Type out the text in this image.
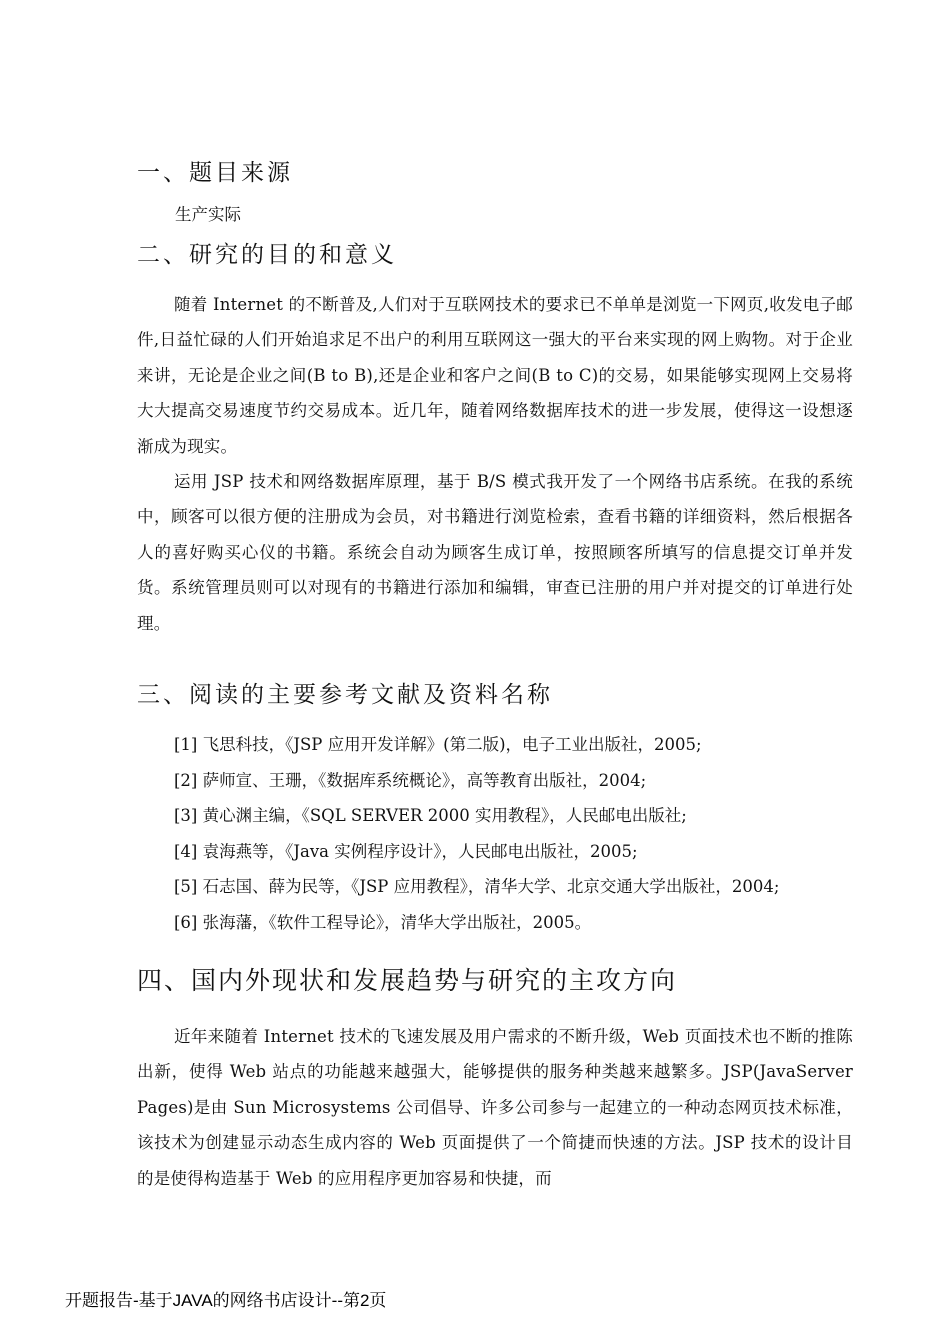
一、题目来源

生产实际

二、研究的目的和意义

随着 Internet 的不断普及,人们对于互联网技术的要求已不单单是浏览一下网页,收发电子邮件,日益忙碌的人们开始追求足不出户的利用互联网这一强大的平台来实现的网上购物。对于企业来讲，无论是企业之间(B to B),还是企业和客户之间(B to C)的交易，如果能够实现网上交易将大大提高交易速度节约交易成本。近几年，随着网络数据库技术的进一步发展，使得这一设想逐渐成为现实。

运用 JSP 技术和网络数据库原理，基于 B/S 模式我开发了一个网络书店系统。在我的系统中，顾客可以很方便的注册成为会员，对书籍进行浏览检索，查看书籍的详细资料，然后根据各人的喜好购买心仪的书籍。系统会自动为顾客生成订单，按照顾客所填写的信息提交订单并发货。系统管理员则可以对现有的书籍进行添加和编辑，审查已注册的用户并对提交的订单进行处理。

三、阅读的主要参考文献及资料名称
[1] 飞思科技，《JSP 应用开发详解》(第二版)，电子工业出版社，2005;
[2] 萨师宣、王珊，《数据库系统概论》，高等教育出版社，2004;
[3] 黄心渊主编，《SQL SERVER 2000 实用教程》，人民邮电出版社;
[4] 袁海燕等，《Java 实例程序设计》，人民邮电出版社，2005;
[5] 石志国、薛为民等，《JSP 应用教程》，清华大学、北京交通大学出版社，2004;
[6] 张海藩，《软件工程导论》，清华大学出版社，2005。
四、国内外现状和发展趋势与研究的主攻方向

近年来随着 Internet 技术的飞速发展及用户需求的不断升级，Web 页面技术也不断的推陈出新，使得 Web 站点的功能越来越强大，能够提供的服务种类越来越繁多。JSP(JavaServer Pages)是由 Sun Microsystems 公司倡导、许多公司参与一起建立的一种动态网页技术标准，该技术为创建显示动态生成内容的 Web 页面提供了一个简捷而快速的方法。JSP 技术的设计目的是使得构造基于 Web 的应用程序更加容易和快捷，而

开题报告-基于JAVA的网络书店设计--第2页
